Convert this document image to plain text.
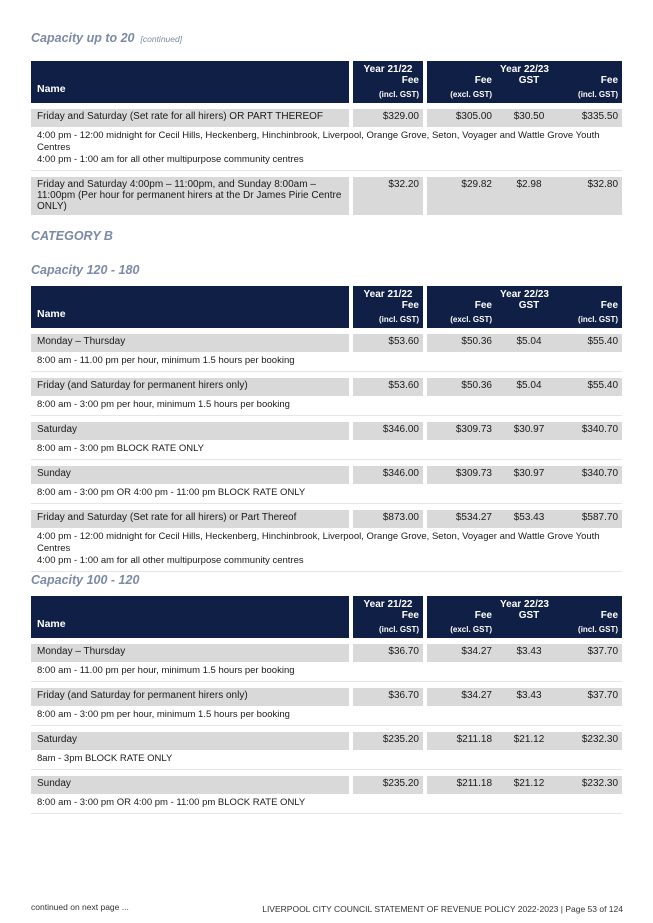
Capacity up to 20 [continued]
		Year 21/22		Year 22/23		
Name		Fee
(incl. GST)		Fee
(excl. GST)	GST	Fee
(incl. GST)

Friday and Saturday (Set rate for all hirers) OR PART THEREOF		$329.00		$305.00	$30.50	$335.50

4:00 pm - 12:00 midnight for Cecil Hills, Heckenberg, Hinchinbrook, Liverpool, Orange Grove, Seton, Voyager and Wattle Grove Youth Centres
4:00 pm - 1:00 am for all other multipurpose community centres						

Friday and Saturday 4:00pm – 11:00pm, and Sunday 8:00am – 11:00pm (Per hour for permanent hirers at the Dr James Pirie Centre ONLY)		$32.20		$29.82	$2.98	$32.80
CATEGORY B
Capacity 120 - 180
		Year 21/22		Year 22/23		
Name		Fee
(incl. GST)		Fee
(excl. GST)	GST	Fee
(incl. GST)

Monday – Thursday		$53.60		$50.36	$5.04	$55.40
8:00 am - 11.00 pm per hour, minimum 1.5 hours per booking						

Friday (and Saturday for permanent hirers only)		$53.60		$50.36	$5.04	$55.40
8:00 am - 3:00 pm per hour, minimum 1.5 hours per booking						

Saturday		$346.00		$309.73	$30.97	$340.70
8:00 am - 3:00 pm BLOCK RATE ONLY						

Sunday		$346.00		$309.73	$30.97	$340.70
8:00 am - 3:00 pm OR 4:00 pm - 11:00 pm BLOCK RATE ONLY						

Friday and Saturday (Set rate for all hirers) or Part Thereof		$873.00		$534.27	$53.43	$587.70

4:00 pm - 12:00 midnight for Cecil Hills, Heckenberg, Hinchinbrook, Liverpool, Orange Grove, Seton, Voyager and Wattle Grove Youth Centres
4:00 pm - 1:00 am for all other multipurpose community centres						
Capacity 100 - 120
		Year 21/22		Year 22/23		
Name		Fee
(incl. GST)		Fee
(excl. GST)	GST	Fee
(incl. GST)

Monday – Thursday		$36.70		$34.27	$3.43	$37.70
8:00 am - 11.00 pm per hour, minimum 1.5 hours per booking						

Friday (and Saturday for permanent hirers only)		$36.70		$34.27	$3.43	$37.70
8:00 am - 3:00 pm per hour, minimum 1.5 hours per booking						

Saturday		$235.20		$211.18	$21.12	$232.30
8am - 3pm BLOCK RATE ONLY						

Sunday		$235.20		$211.18	$21.12	$232.30
8:00 am - 3:00 pm OR 4:00 pm - 11:00 pm BLOCK RATE ONLY						
continued on next page ...	LIVERPOOL CITY COUNCIL STATEMENT OF REVENUE POLICY 2022-2023 | Page 53 of 124
